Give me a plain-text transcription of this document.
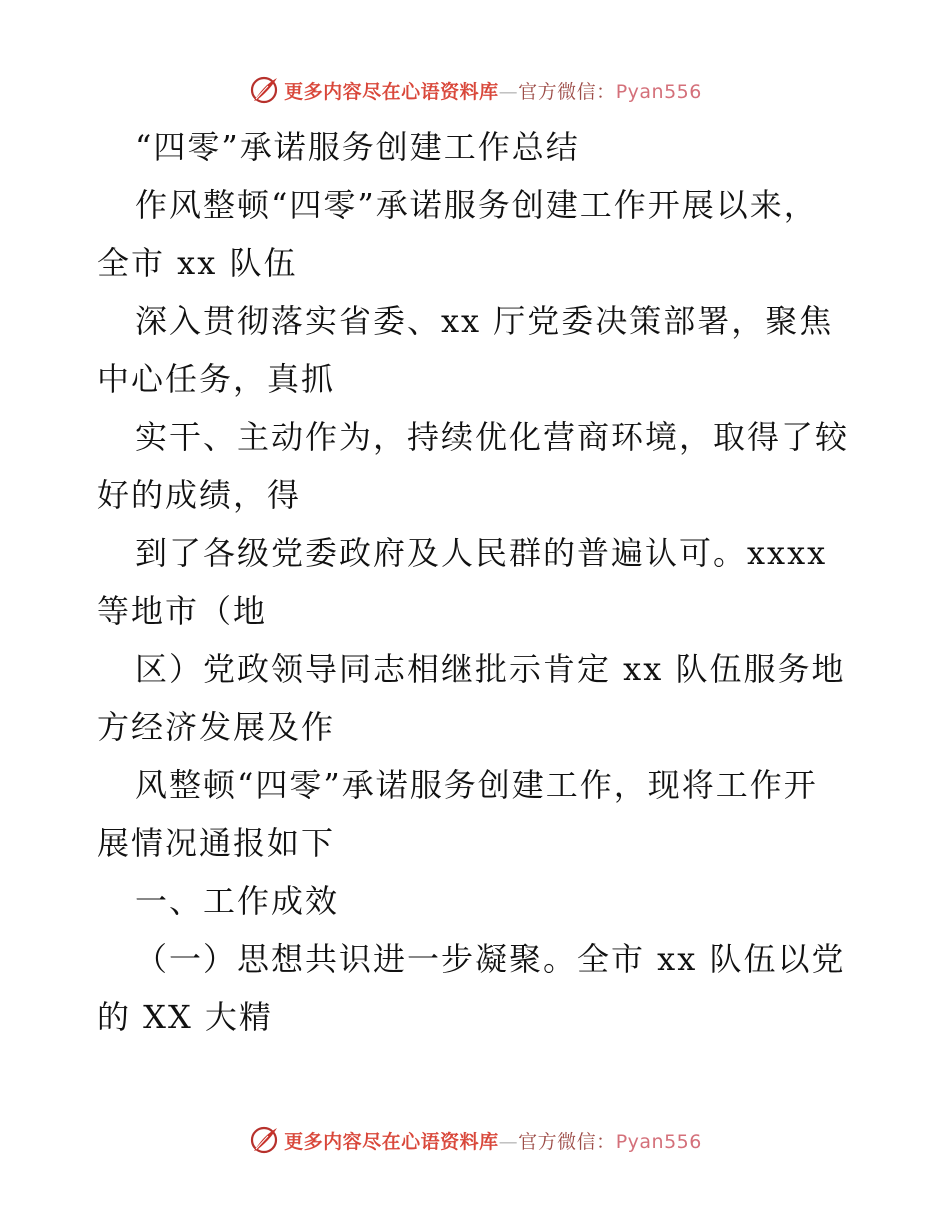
更多内容尽在心语资料库—官方微信：Pyan556
“四零”承诺服务创建工作总结
作风整顿“四零”承诺服务创建工作开展以来，
全市 xx 队伍
深入贯彻落实省委、xx 厅党委决策部署，聚焦
中心任务，真抓
实干、主动作为，持续优化营商环境，取得了较
好的成绩，得
到了各级党委政府及人民群的普遍认可。xxxx
等地市（地
区）党政领导同志相继批示肯定 xx 队伍服务地
方经济发展及作
风整顿“四零”承诺服务创建工作，现将工作开
展情况通报如下
一、工作成效
（一）思想共识进一步凝聚。全市 xx 队伍以党
的 XX 大精
更多内容尽在心语资料库—官方微信：Pyan556
